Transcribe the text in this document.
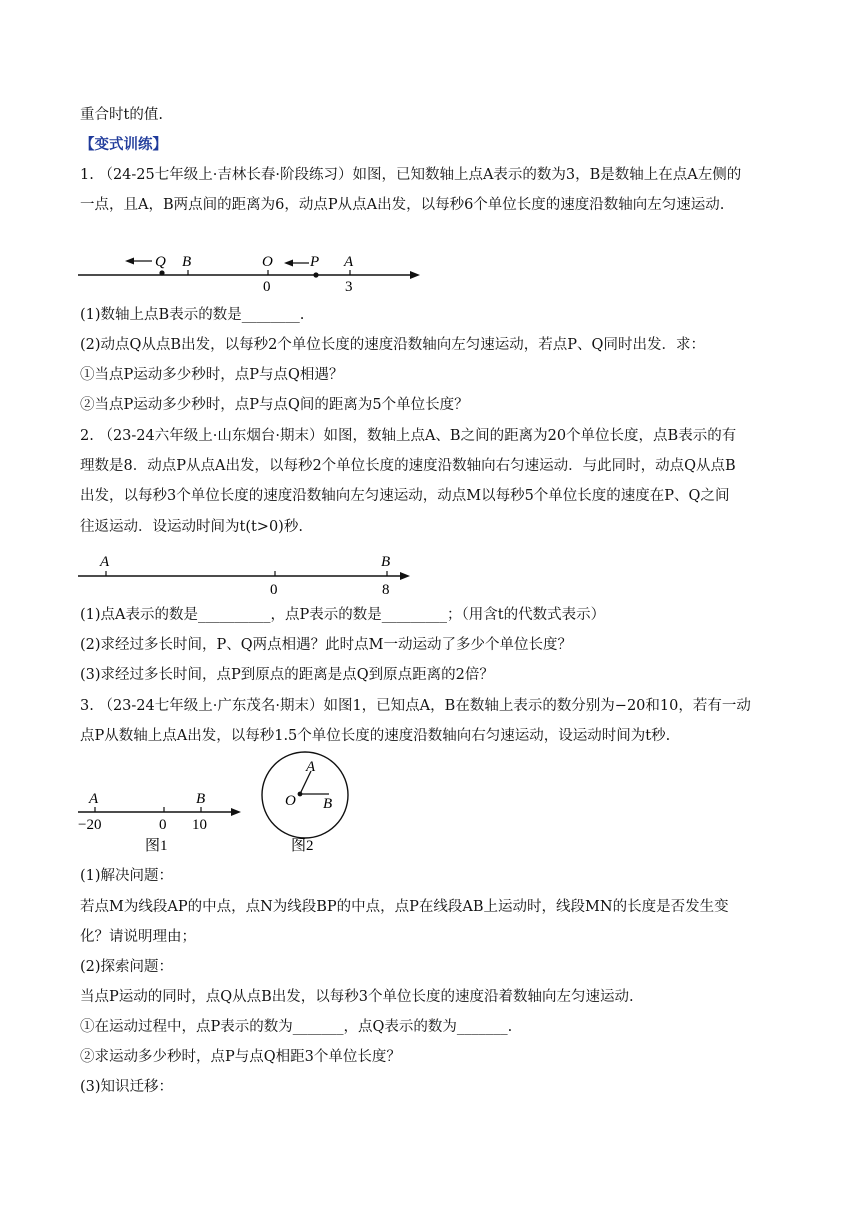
重合时t的值.
【变式训练】
1. （24-25七年级上·吉林长春·阶段练习）如图，已知数轴上点A表示的数为3，B是数轴上在点A左侧的
一点，且A，B两点间的距离为6，动点P从点A出发，以每秒6个单位长度的速度沿数轴向左匀速运动.
Q B	O P A
0	3
A	B
0	8
A	B
−20	0 10
图1
A
O B
图2
(1)数轴上点B表示的数是________.
(2)动点Q从点B出发，以每秒2个单位长度的速度沿数轴向左匀速运动，若点P、Q同时出发．求：
①当点P运动多少秒时，点P与点Q相遇？
②当点P运动多少秒时，点P与点Q间的距离为5个单位长度？
2. （23-24六年级上·山东烟台·期末）如图，数轴上点A、B之间的距离为20个单位长度，点B表示的有
理数是8．动点P从点A出发，以每秒2个单位长度的速度沿数轴向右匀速运动．与此同时，动点Q从点B
出发，以每秒3个单位长度的速度沿数轴向左匀速运动，动点M以每秒5个单位长度的速度在P、Q之间
往返运动．设运动时间为t(t>0)秒.
(1)点A表示的数是__________，点P表示的数是_________；（用含t的代数式表示）
(2)求经过多长时间，P、Q两点相遇？此时点M一动运动了多少个单位长度？
(3)求经过多长时间，点P到原点的距离是点Q到原点距离的2倍？
3. （23-24七年级上·广东茂名·期末）如图1，已知点A，B在数轴上表示的数分别为−20和10，若有一动
点P从数轴上点A出发，以每秒1.5个单位长度的速度沿数轴向右匀速运动，设运动时间为t秒.
(1)解决问题：
若点M为线段AP的中点，点N为线段BP的中点，点P在线段AB上运动时，线段MN的长度是否发生变
化？请说明理由；
(2)探索问题：
当点P运动的同时，点Q从点B出发，以每秒3个单位长度的速度沿着数轴向左匀速运动.
①在运动过程中，点P表示的数为_______，点Q表示的数为_______.
②求运动多少秒时，点P与点Q相距3个单位长度？
(3)知识迁移：
